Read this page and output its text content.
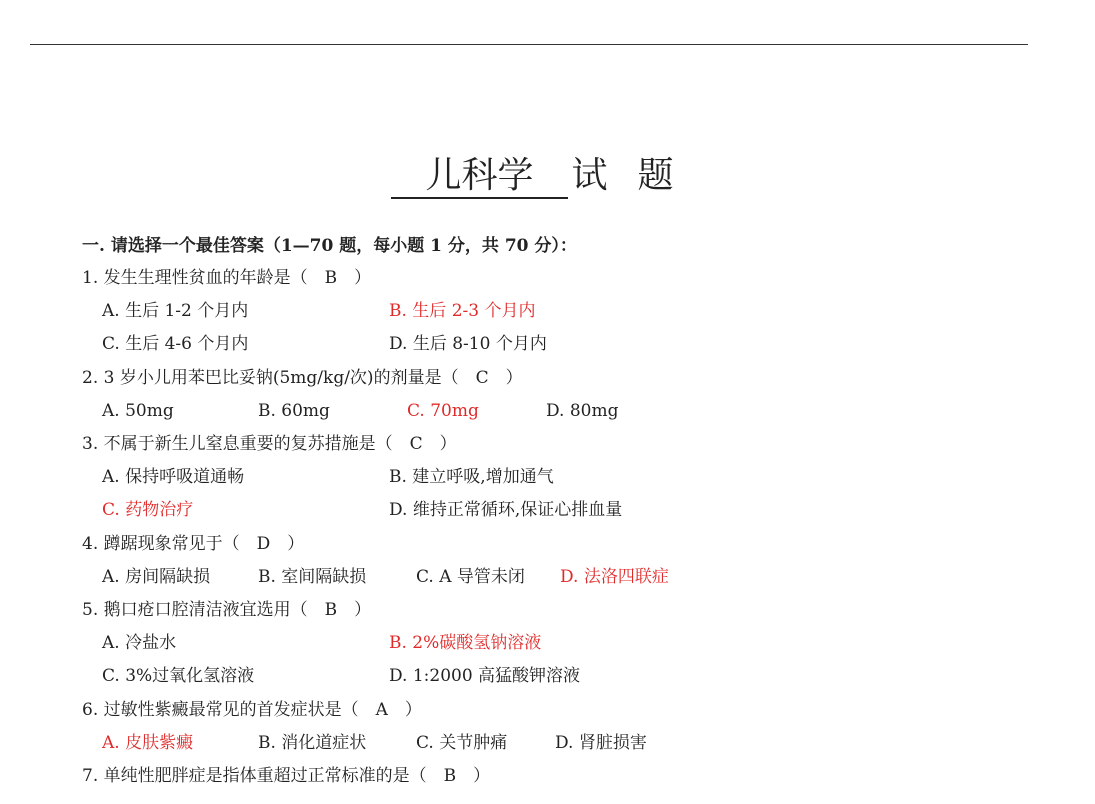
儿科学 试题
一. 请选择一个最佳答案（1—70 题，每小题 1 分，共 70 分）：
1. 发生生理性贫血的年龄是（　B　）
A. 生后 1-2 个月内	B. 生后 2-3 个月内
C. 生后 4-6 个月内	D. 生后 8-10 个月内
2. 3 岁小儿用苯巴比妥钠(5mg/kg/次)的剂量是（　C　）
A. 50mg	B. 60mg	C. 70mg	D. 80mg
3. 不属于新生儿窒息重要的复苏措施是（　C　）
A. 保持呼吸道通畅	B. 建立呼吸,增加通气
C. 药物治疗	D. 维持正常循环,保证心排血量
4. 蹲踞现象常见于（　D　）
A. 房间隔缺损	B. 室间隔缺损	C. A 导管未闭 D. 法洛四联症
5. 鹅口疮口腔清洁液宜选用（　B　）
A. 冷盐水	B. 2%碳酸氢钠溶液
C. 3%过氧化氢溶液	D. 1:2000 高猛酸钾溶液
6. 过敏性紫癜最常见的首发症状是（　A　）
A. 皮肤紫癜	B. 消化道症状	C. 关节肿痛	D. 肾脏损害
7. 单纯性肥胖症是指体重超过正常标准的是（　B　）
